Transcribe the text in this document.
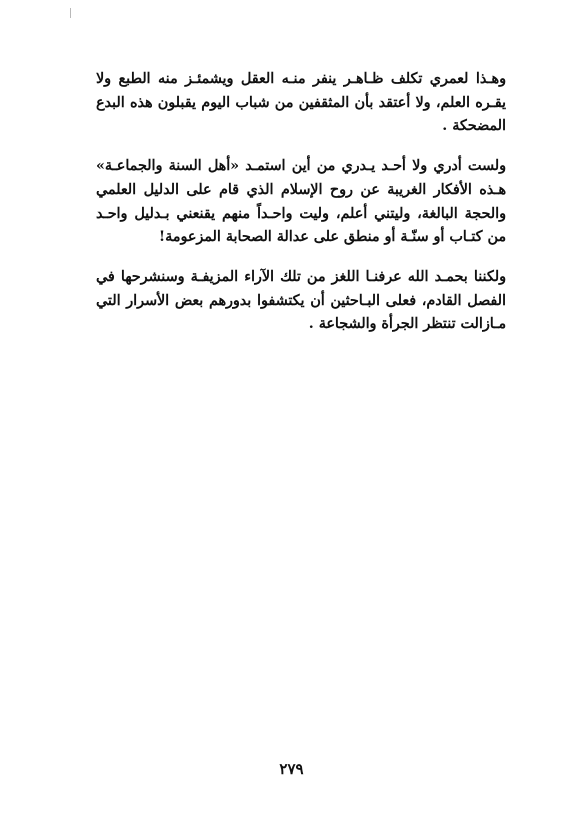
وهـذا لعمري تكلف ظـاهـر ينفر منـه العقل ويشمئـز منه الطبع ولا يقـره العلم، ولا أعتقد بأن المثقفين من شباب اليوم يقبلون هذه البدع المضحكة .

ولست أدري ولا أحـد يـدري من أين استمـد «أهل السنة والجماعـة» هـذه الأفكار الغريبة عن روح الإسلام الذي قام على الدليل العلمي والحجة البالغة، وليتني أعلم، وليت واحـداً منهم يقنعني بـدليل واحـد من كتـاب أو سنّـة أو منطق على عدالة الصحابة المزعومة!

ولكننا بحمـد الله عرفنـا اللغز من تلك الآراء المزيفـة وسنشرحها في الفصل القادم، فعلى البـاحثين أن يكتشفوا بدورهم بعض الأسرار التي مـازالت تنتظر الجرأة والشجاعة .

٢٧٩
